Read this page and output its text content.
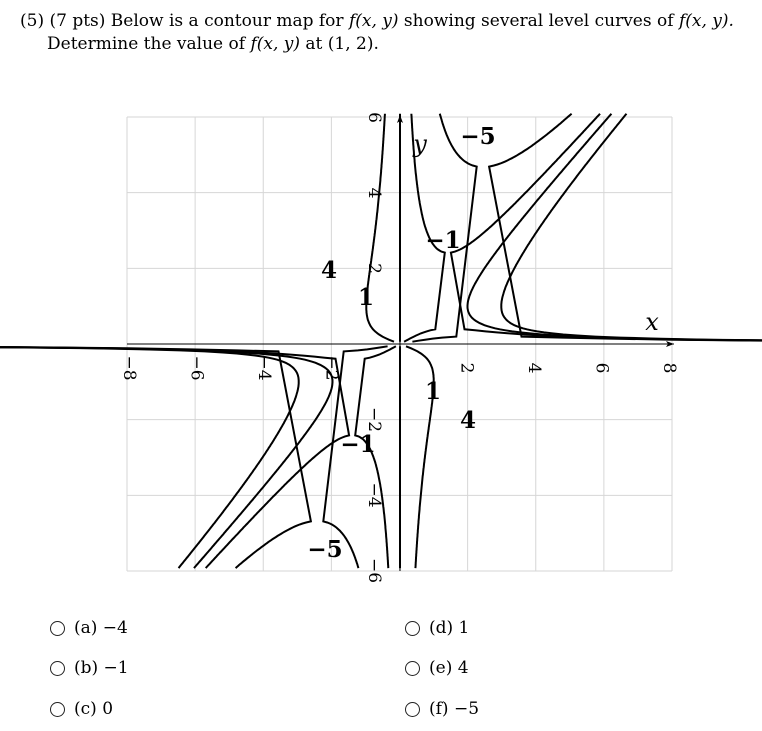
(5) (7 pts) Below is a contour map for f(x, y) showing several level curves of f(x, y).
Determine the value of f(x, y) at (1, 2).
−8	−6	−4	−2	2	4	6	8
6
4
2
−2
−4
−6
x
y
4
1
−1
−5
1
4
−1
−5
(a) −4
(b) −1
(c) 0
(d) 1
(e) 4
(f) −5
